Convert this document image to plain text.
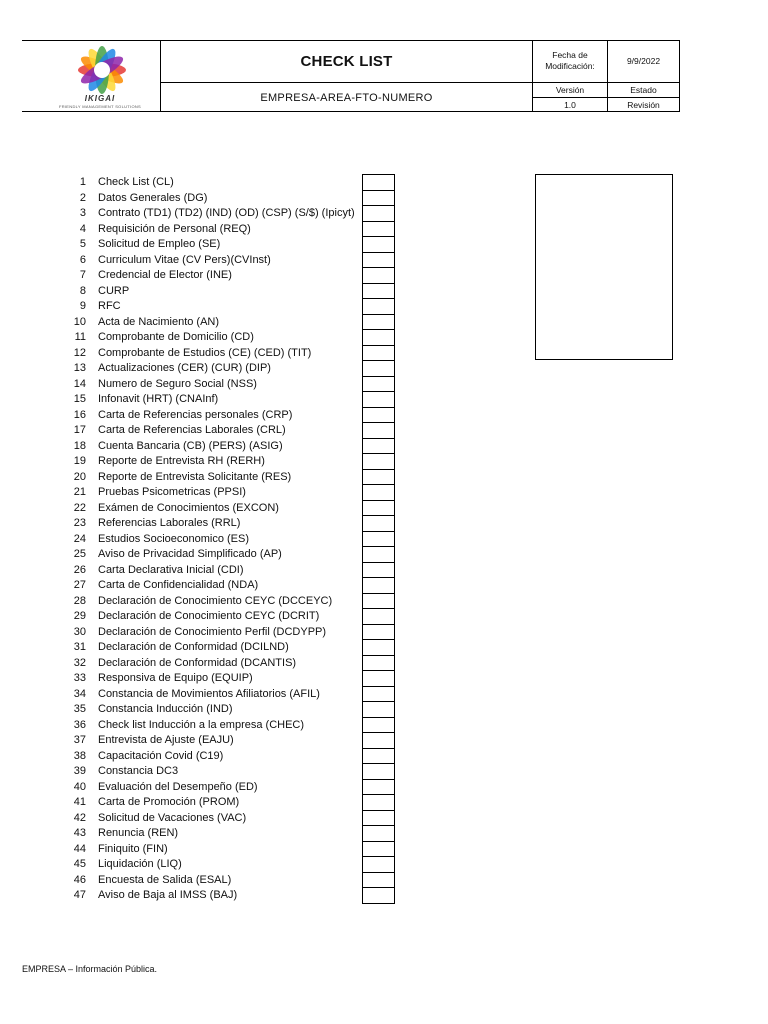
IKIGAI
FRIENDLY MANAGEMENT SOLUTIONS
CHECK LIST
EMPRESA-AREA-FTO-NUMERO
Fecha de
Modificación:
9/9/2022
Versión	Estado
1.0	Revisión
1 Check List (CL)
2 Datos Generales (DG)
3 Contrato (TD1) (TD2) (IND) (OD) (CSP) (S/$) (Ipicyt)
4 Requisición de Personal (REQ)
5 Solicitud de Empleo (SE)
6 Curriculum Vitae (CV Pers)(CVInst)
7 Credencial de Elector (INE)
8 CURP
9 RFC
10 Acta de Nacimiento (AN)
11 Comprobante de Domicilio (CD)
12 Comprobante de Estudios (CE) (CED) (TIT)
13 Actualizaciones (CER) (CUR) (DIP)
14 Numero de Seguro Social (NSS)
15 Infonavit (HRT) (CNAInf)
16 Carta de Referencias personales (CRP)
17 Carta de Referencias Laborales (CRL)
18 Cuenta Bancaria (CB) (PERS) (ASIG)
19 Reporte de Entrevista RH (RERH)
20 Reporte de Entrevista Solicitante (RES)
21 Pruebas Psicometricas (PPSI)
22 Exámen de Conocimientos (EXCON)
23 Referencias Laborales (RRL)
24 Estudios Socioeconomico (ES)
25 Aviso de Privacidad Simplificado (AP)
26 Carta Declarativa Inicial (CDI)
27 Carta de Confidencialidad (NDA)
28 Declaración de Conocimiento CEYC (DCCEYC)
29 Declaración de Conocimiento CEYC (DCRIT)
30 Declaración de Conocimiento Perfil (DCDYPP)
31 Declaración de Conformidad (DCILND)
32 Declaración de Conformidad (DCANTIS)
33 Responsiva de Equipo (EQUIP)
34 Constancia de Movimientos Afiliatorios (AFIL)
35 Constancia Inducción (IND)
36 Check list Inducción a la empresa (CHEC)
37 Entrevista de Ajuste (EAJU)
38 Capacitación Covid (C19)
39 Constancia DC3
40 Evaluación del Desempeño (ED)
41 Carta de Promoción (PROM)
42 Solicitud de Vacaciones (VAC)
43 Renuncia (REN)
44 Finiquito (FIN)
45 Liquidación (LIQ)
46 Encuesta de Salida (ESAL)
47 Aviso de Baja al IMSS (BAJ)
EMPRESA – Información Pública.
